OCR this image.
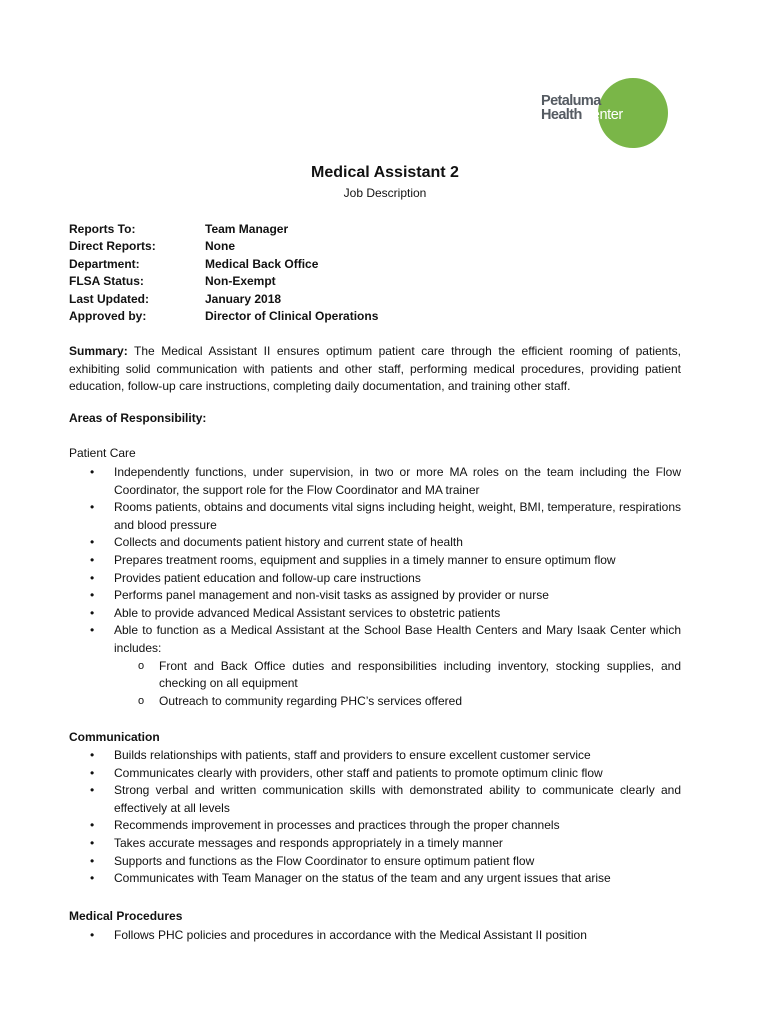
Petaluma
HealthCenter
Medical Assistant 2
Job Description
Reports To:	Team Manager
Direct Reports:	None
Department:	Medical Back Office
FLSA Status:	Non-Exempt
Last Updated:	January 2018
Approved by:	Director of Clinical Operations
Summary: The Medical Assistant II ensures optimum patient care through the efficient rooming of patients, exhibiting solid communication with patients and other staff, performing medical procedures, providing patient education, follow-up care instructions, completing daily documentation, and training other staff.
Areas of Responsibility:
Patient Care
• Independently functions, under supervision, in two or more MA roles on the team including the Flow Coordinator, the support role for the Flow Coordinator and MA trainer
• Rooms patients, obtains and documents vital signs including height, weight, BMI, temperature, respirations and blood pressure
• Collects and documents patient history and current state of health
• Prepares treatment rooms, equipment and supplies in a timely manner to ensure optimum flow
• Provides patient education and follow-up care instructions
• Performs panel management and non-visit tasks as assigned by provider or nurse
• Able to provide advanced Medical Assistant services to obstetric patients
• Able to function as a Medical Assistant at the School Base Health Centers and Mary Isaak Center which includes:
o Front and Back Office duties and responsibilities including inventory, stocking supplies, and checking on all equipment
o Outreach to community regarding PHC’s services offered
Communication
• Builds relationships with patients, staff and providers to ensure excellent customer service
• Communicates clearly with providers, other staff and patients to promote optimum clinic flow
• Strong verbal and written communication skills with demonstrated ability to communicate clearly and effectively at all levels
• Recommends improvement in processes and practices through the proper channels
• Takes accurate messages and responds appropriately in a timely manner
• Supports and functions as the Flow Coordinator to ensure optimum patient flow
• Communicates with Team Manager on the status of the team and any urgent issues that arise
Medical Procedures
• Follows PHC policies and procedures in accordance with the Medical Assistant II position
